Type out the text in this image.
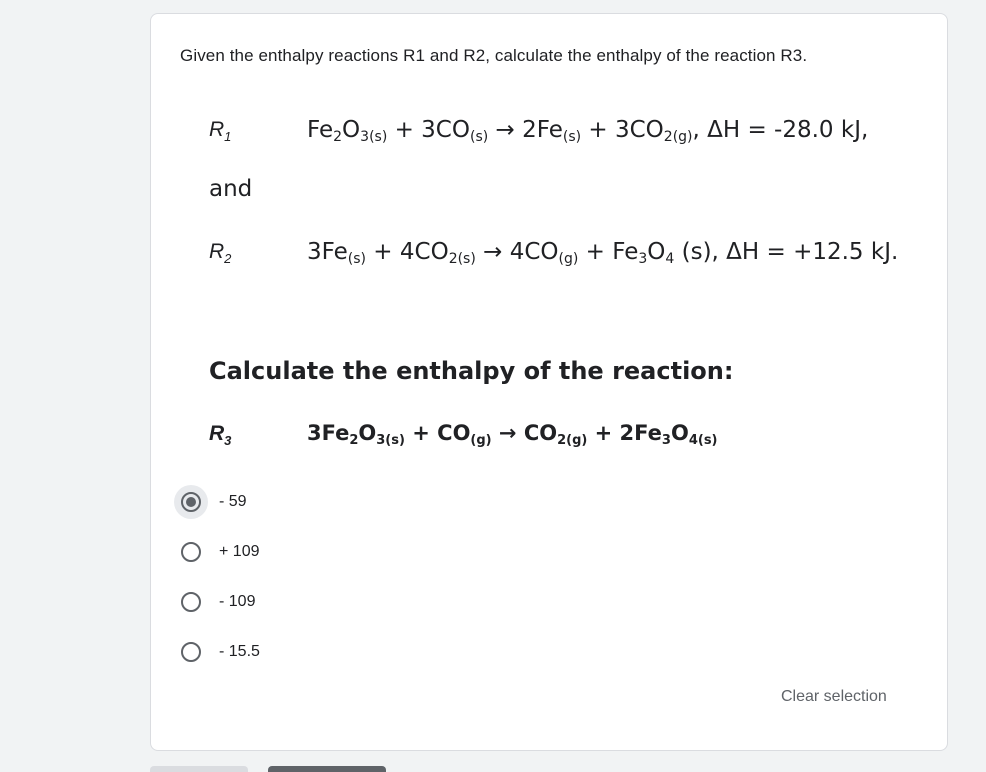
Given the enthalpy reactions R1 and R2, calculate the enthalpy of the reaction R3.
$R_1$	$Fe_2O_{3(s)} + 3CO_{(s)} \to 2Fe_{(s)} + 3CO_{2(g)}$, ΔH = -28.0 kJ,
and
$R_2$	$3Fe_{(s)} + 4CO_{2(s)} \to 4CO_{(g)} + Fe_3O_4$ (s), ΔH = +12.5 kJ.
Calculate the enthalpy of the reaction:
$R_3$	$3Fe_2O_{3(s)} + CO_{(g)} \to CO_{2(g)} + 2Fe_3O_{4(s)}$
- 59
+ 109
- 109
- 15.5
Clear selection
